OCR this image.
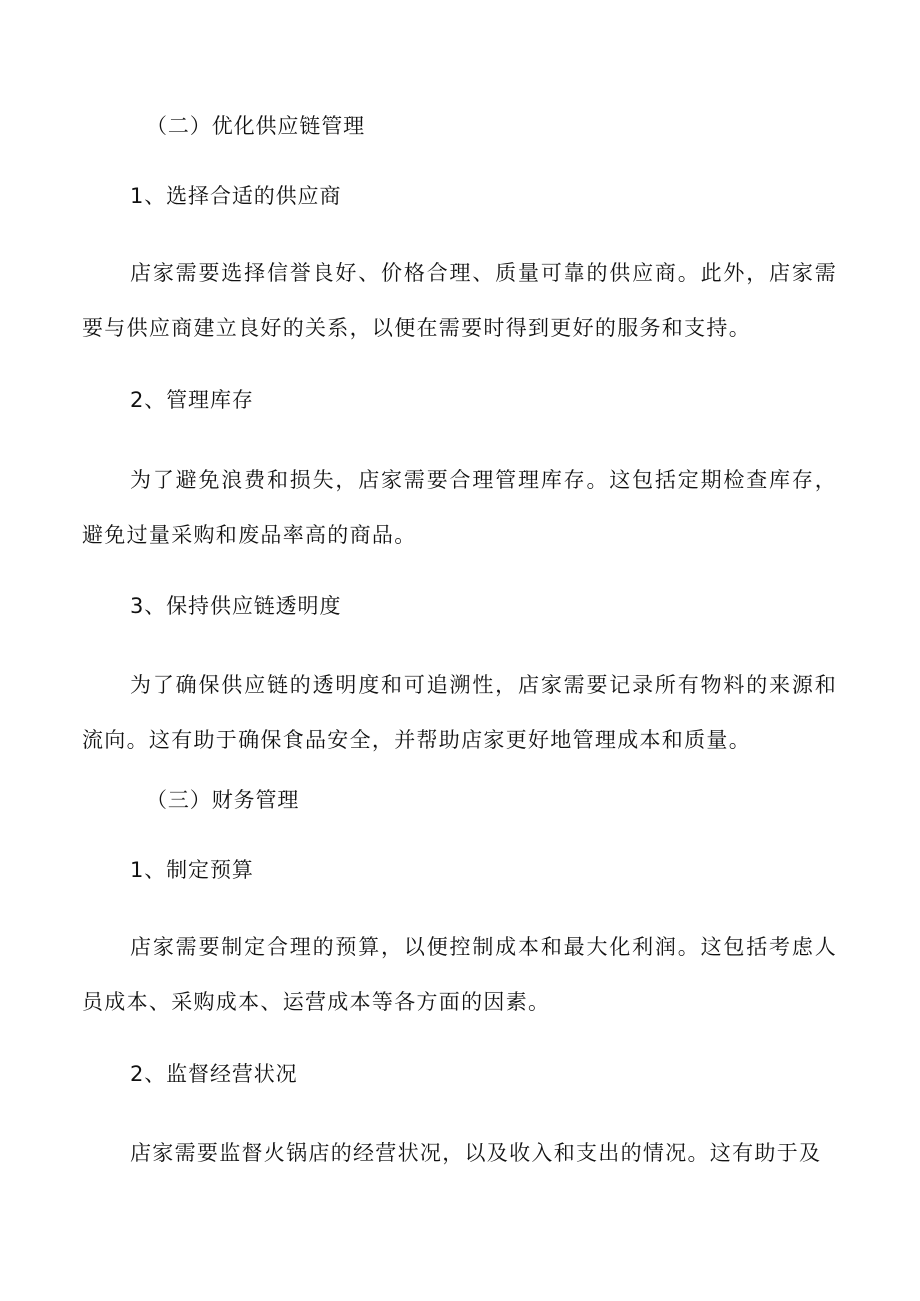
（二）优化供应链管理
1、选择合适的供应商
店家需要选择信誉良好、价格合理、质量可靠的供应商。此外，店家需要与供应商建立良好的关系，以便在需要时得到更好的服务和支持。
2、管理库存
为了避免浪费和损失，店家需要合理管理库存。这包括定期检查库存，避免过量采购和废品率高的商品。
3、保持供应链透明度
为了确保供应链的透明度和可追溯性，店家需要记录所有物料的来源和流向。这有助于确保食品安全，并帮助店家更好地管理成本和质量。
（三）财务管理
1、制定预算
店家需要制定合理的预算，以便控制成本和最大化利润。这包括考虑人员成本、采购成本、运营成本等各方面的因素。
2、监督经营状况
店家需要监督火锅店的经营状况，以及收入和支出的情况。这有助于及
